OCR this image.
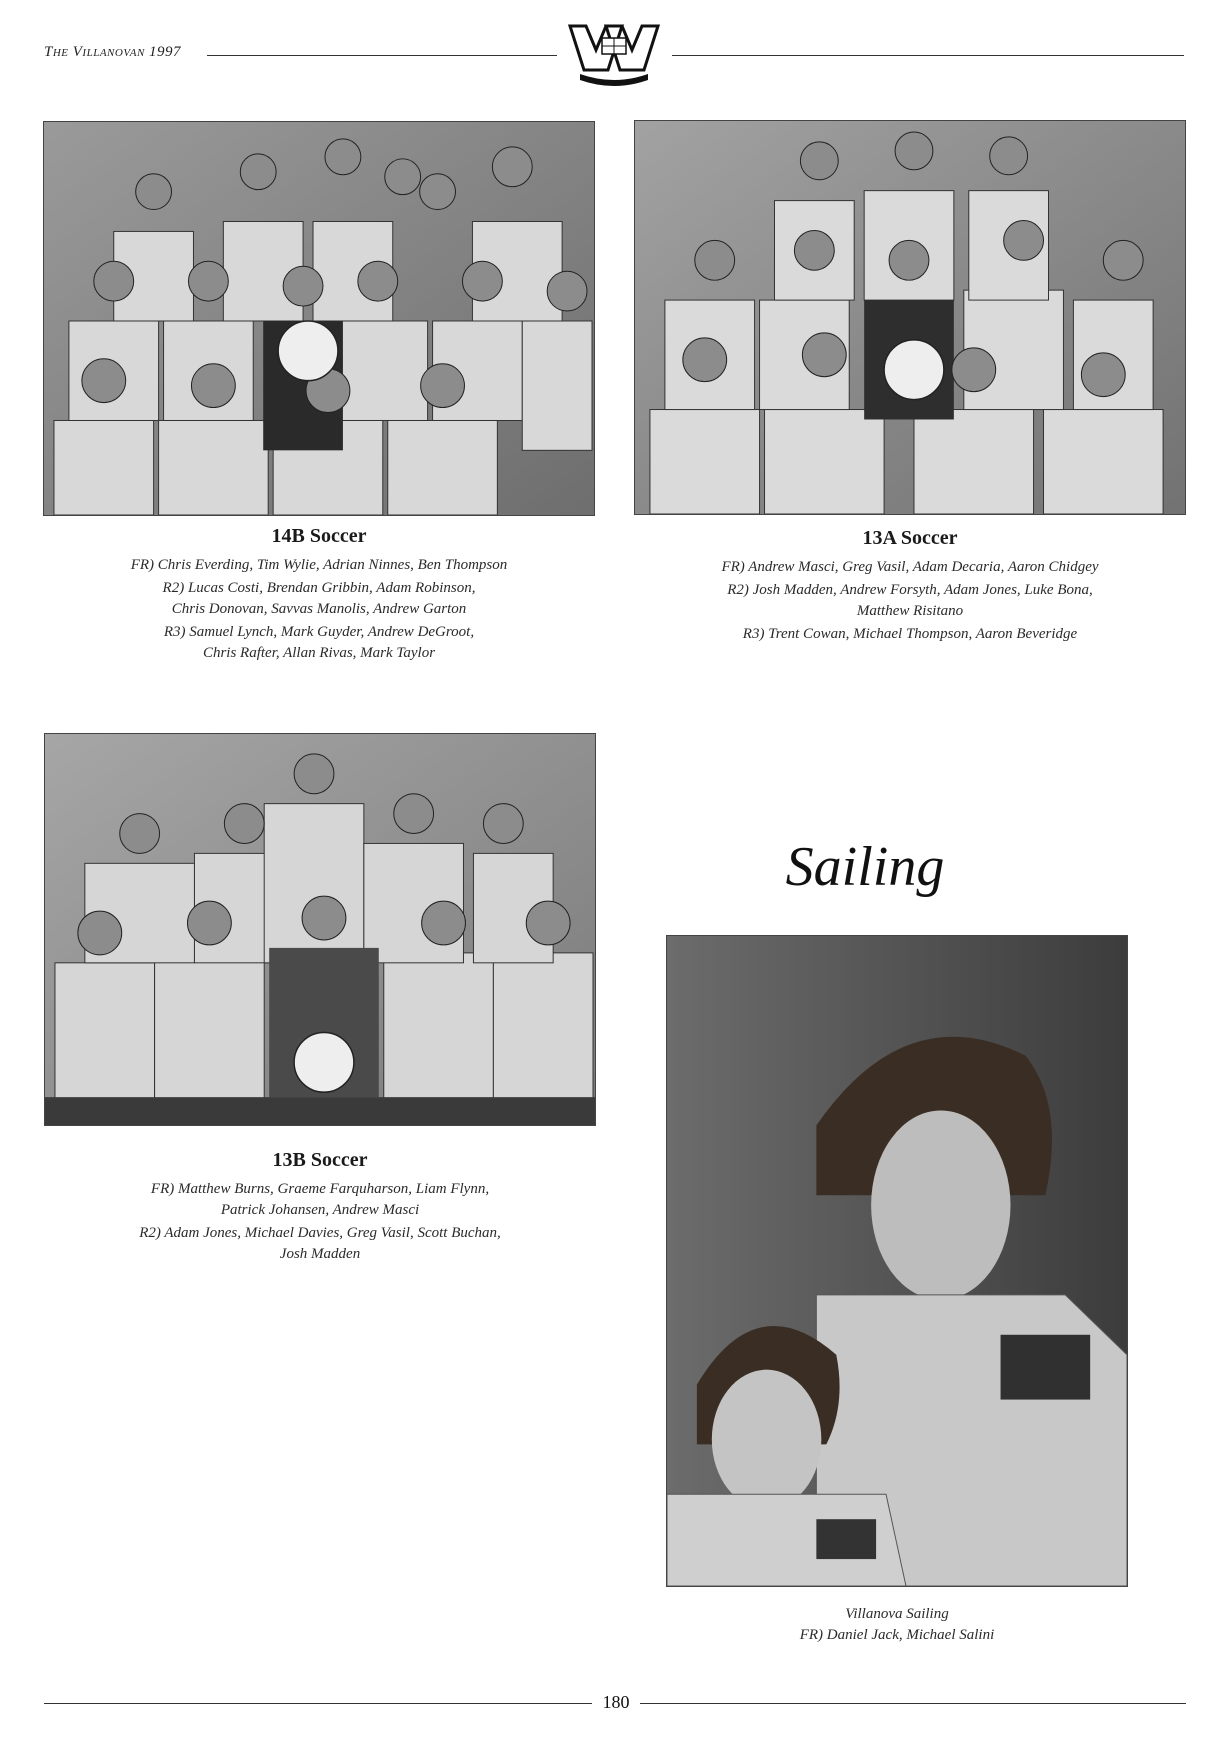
The Villanovan 1997
14B Soccer
FR) Chris Everding, Tim Wylie, Adrian Ninnes, Ben Thompson
R2) Lucas Costi, Brendan Gribbin, Adam Robinson,
Chris Donovan, Savvas Manolis, Andrew Garton
R3) Samuel Lynch, Mark Guyder, Andrew DeGroot,
Chris Rafter, Allan Rivas, Mark Taylor
13A Soccer
FR) Andrew Masci, Greg Vasil, Adam Decaria, Aaron Chidgey
R2) Josh Madden, Andrew Forsyth, Adam Jones, Luke Bona,
Matthew Risitano
R3) Trent Cowan, Michael Thompson, Aaron Beveridge
13B Soccer
FR) Matthew Burns, Graeme Farquharson, Liam Flynn,
Patrick Johansen, Andrew Masci
R2) Adam Jones, Michael Davies, Greg Vasil, Scott Buchan,
Josh Madden
Sailing
Villanova Sailing
FR) Daniel Jack, Michael Salini
180
